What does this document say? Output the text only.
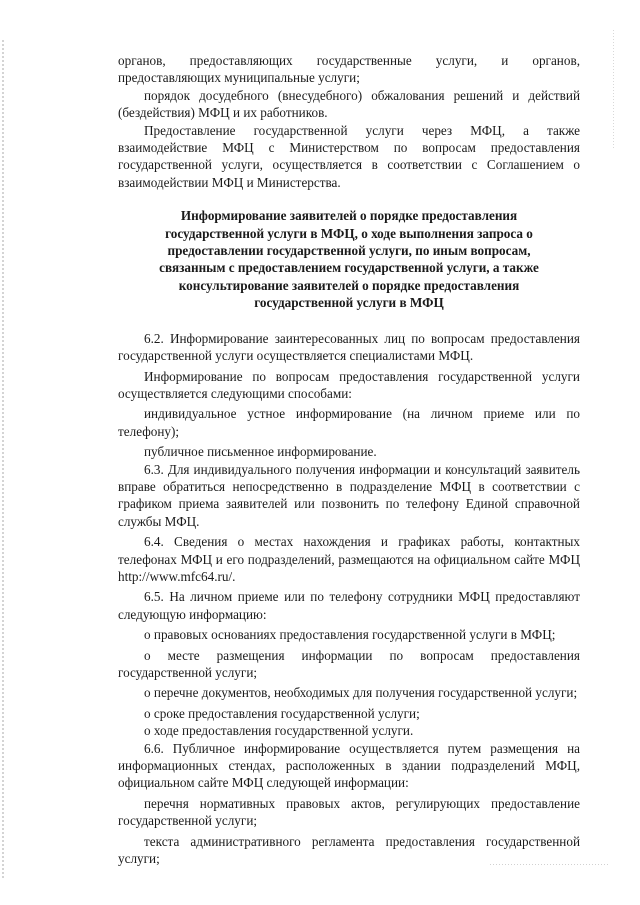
органов, предоставляющих государственные услуги, и органов, предоставляющих муниципальные услуги;

порядок досудебного (внесудебного) обжалования решений и действий (бездействия) МФЦ и их работников.

Предоставление государственной услуги через МФЦ, а также взаимодействие МФЦ с Министерством по вопросам предоставления государственной услуги, осуществляется в соответствии с Соглашением о взаимодействии МФЦ и Министерства.

Информирование заявителей о порядке предоставления
государственной услуги в МФЦ, о ходе выполнения запроса о
предоставлении государственной услуги, по иным вопросам,
связанным с предоставлением государственной услуги, а также
консультирование заявителей о порядке предоставления
государственной услуги в МФЦ

6.2. Информирование заинтересованных лиц по вопросам предоставления государственной услуги осуществляется специалистами МФЦ.

Информирование по вопросам предоставления государственной услуги осуществляется следующими способами:

индивидуальное устное информирование (на личном приеме или по телефону);

публичное письменное информирование.

6.3. Для индивидуального получения информации и консультаций заявитель вправе обратиться непосредственно в подразделение МФЦ в соответствии с графиком приема заявителей или позвонить по телефону Единой справочной службы МФЦ.

6.4. Сведения о местах нахождения и графиках работы, контактных телефонах МФЦ и его подразделений, размещаются на официальном сайте МФЦ http://www.mfc64.ru/.

6.5. На личном приеме или по телефону сотрудники МФЦ предоставляют следующую информацию:

о правовых основаниях предоставления государственной услуги в МФЦ;

о месте размещения информации по вопросам предоставления государственной услуги;

о перечне документов, необходимых для получения государственной услуги;

о сроке предоставления государственной услуги;

о ходе предоставления государственной услуги.

6.6. Публичное информирование осуществляется путем размещения на информационных стендах, расположенных в здании подразделений МФЦ, официальном сайте МФЦ следующей информации:

перечня нормативных правовых актов, регулирующих предоставление государственной услуги;

текста административного регламента предоставления государственной услуги;
